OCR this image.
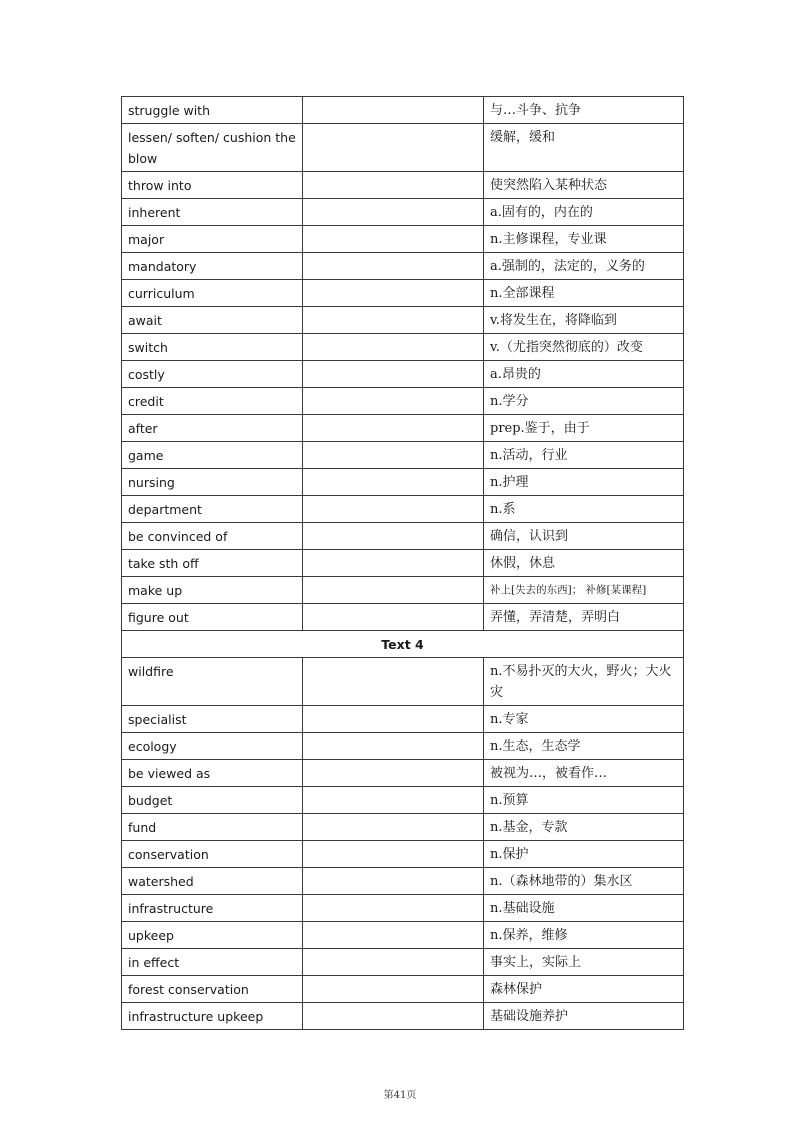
struggle with		与…斗争、抗争
lessen/ soften/ cushion the blow		缓解，缓和
throw into		使突然陷入某种状态
inherent		a.固有的，内在的
major		n.主修课程，专业课
mandatory		a.强制的，法定的，义务的
curriculum		n.全部课程
await		v.将发生在，将降临到
switch		v.（尤指突然彻底的）改变
costly		a.昂贵的
credit		n.学分
after		prep.鉴于，由于
game		n.活动，行业
nursing		n.护理
department		n.系
be convinced of		确信，认识到
take sth off		休假，休息
make up		补上[失去的东西]； 补修[某课程]
figure out		弄懂，弄清楚，弄明白
Text 4		
wildfire		n.不易扑灭的大火，野火；大火灾
specialist		n.专家
ecology		n.生态，生态学
be viewed as		被视为…，被看作…
budget		n.预算
fund		n.基金，专款
conservation		n.保护
watershed		n.（森林地带的）集水区
infrastructure		n.基础设施
upkeep		n.保养，维修
in effect		事实上，实际上
forest conservation		森林保护
infrastructure upkeep		基础设施养护
第41页
